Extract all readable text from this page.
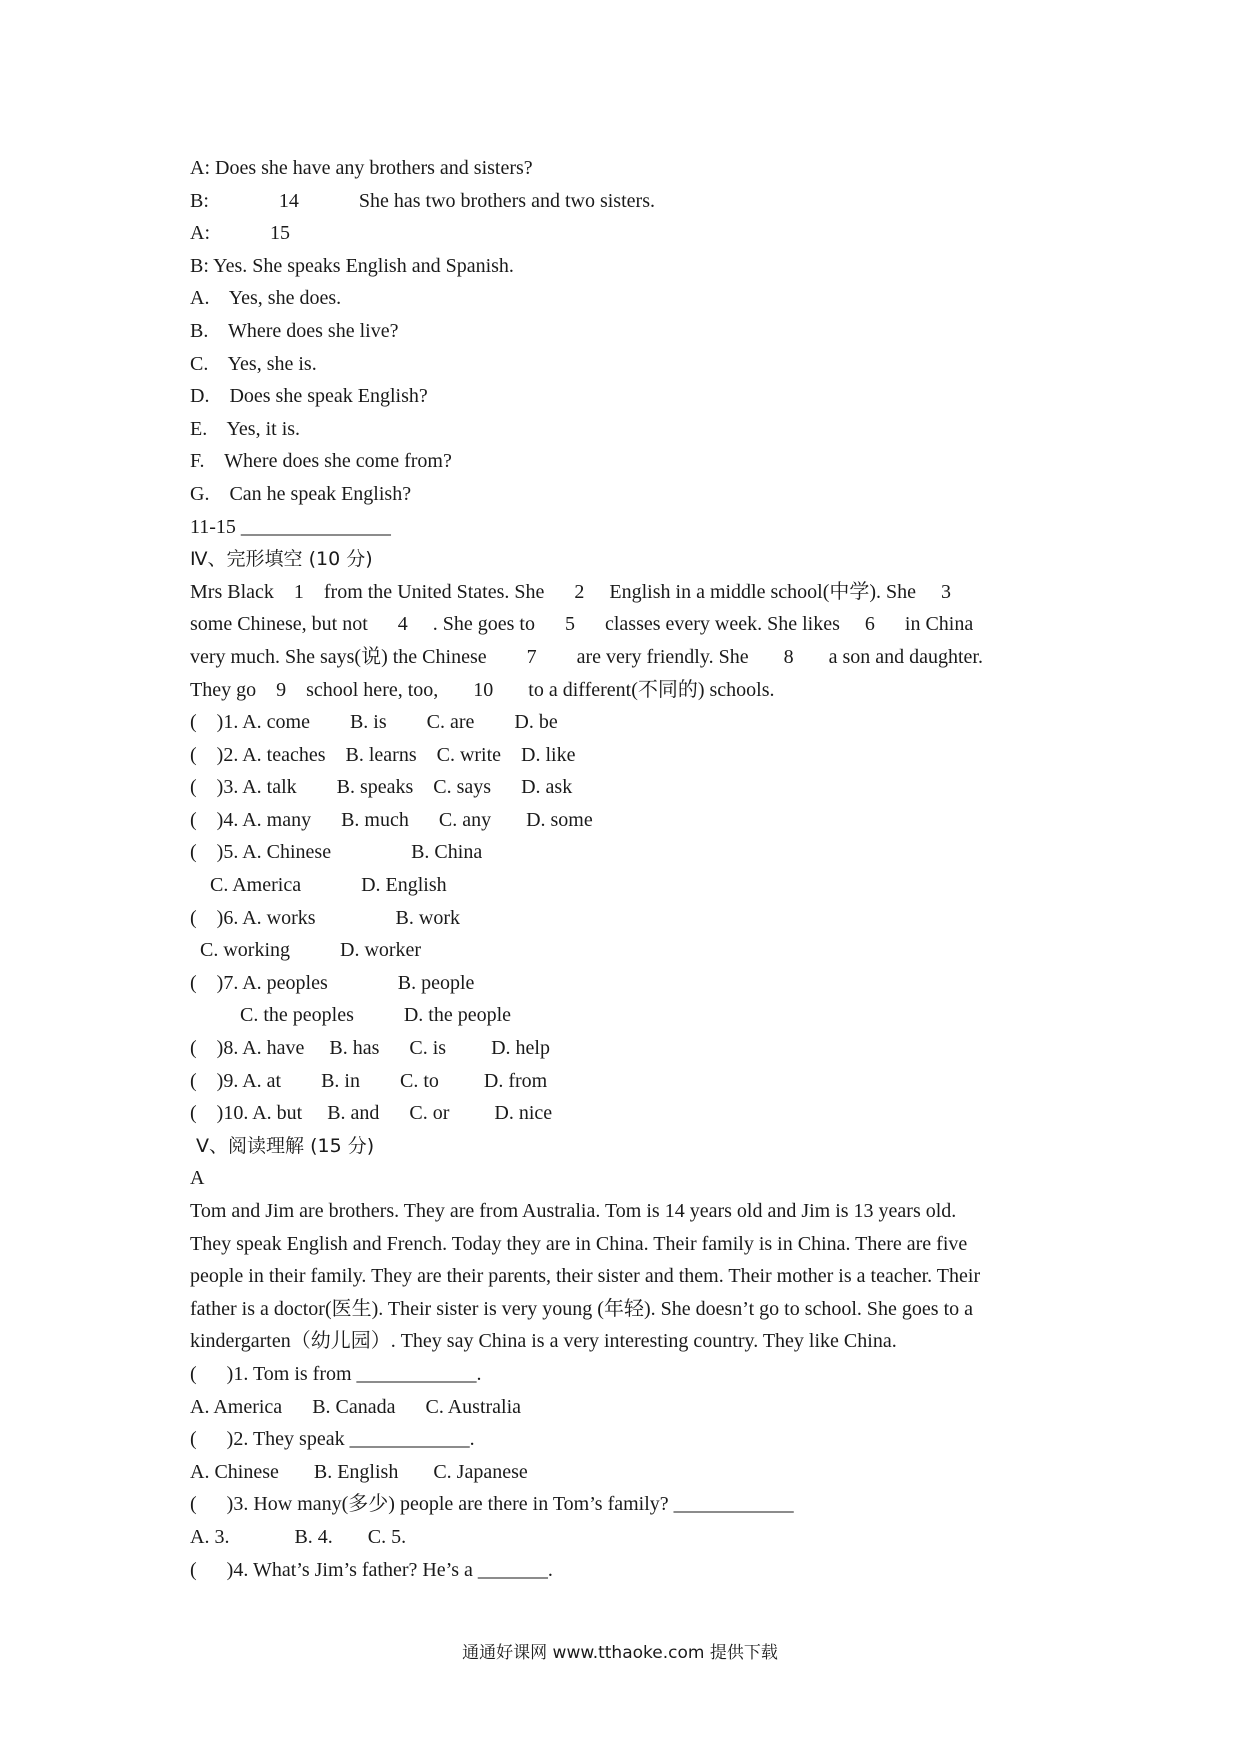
A: Does she have any brothers and sisters?
B:              14            She has two brothers and two sisters.
A:            15
B: Yes. She speaks English and Spanish.
A.    Yes, she does.
B.    Where does she live?
C.    Yes, she is.
D.    Does she speak English?
E.    Yes, it is.
F.    Where does she come from?
G.    Can he speak English?
11-15 _______________
Ⅳ、完形填空 (10 分)
Mrs Black    1    from the United States. She      2     English in a middle school(中学). She     3
some Chinese, but not      4     . She goes to      5      classes every week. She likes     6      in China
very much. She says(说) the Chinese        7        are very friendly. She       8       a son and daughter.
They go    9    school here, too,       10       to a different(不同的) schools.
(    )1. A. come        B. is        C. are        D. be
(    )2. A. teaches    B. learns    C. write    D. like
(    )3. A. talk        B. speaks    C. says      D. ask
(    )4. A. many      B. much      C. any       D. some
(    )5. A. Chinese                B. China
C. America            D. English
(    )6. A. works                B. work
C. working          D. worker
(    )7. A. peoples              B. people
C. the peoples          D. the people
(    )8. A. have     B. has      C. is         D. help
(    )9. A. at        B. in        C. to         D. from
(    )10. A. but     B. and      C. or         D. nice
Ⅴ、阅读理解 (15 分)
A
Tom and Jim are brothers. They are from Australia. Tom is 14 years old and Jim is 13 years old.
They speak English and French. Today they are in China. Their family is in China. There are five
people in their family. They are their parents, their sister and them. Their mother is a teacher. Their
father is a doctor(医生). Their sister is very young (年轻). She doesn’t go to school. She goes to a
kindergarten（幼儿园）. They say China is a very interesting country. They like China.
(      )1. Tom is from ____________.
A. America      B. Canada      C. Australia
(      )2. They speak ____________.
A. Chinese       B. English       C. Japanese
(      )3. How many(多少) people are there in Tom’s family? ____________
A. 3.             B. 4.       C. 5.
(      )4. What’s Jim’s father? He’s a _______.
通通好课网 www.tthaoke.com 提供下载
